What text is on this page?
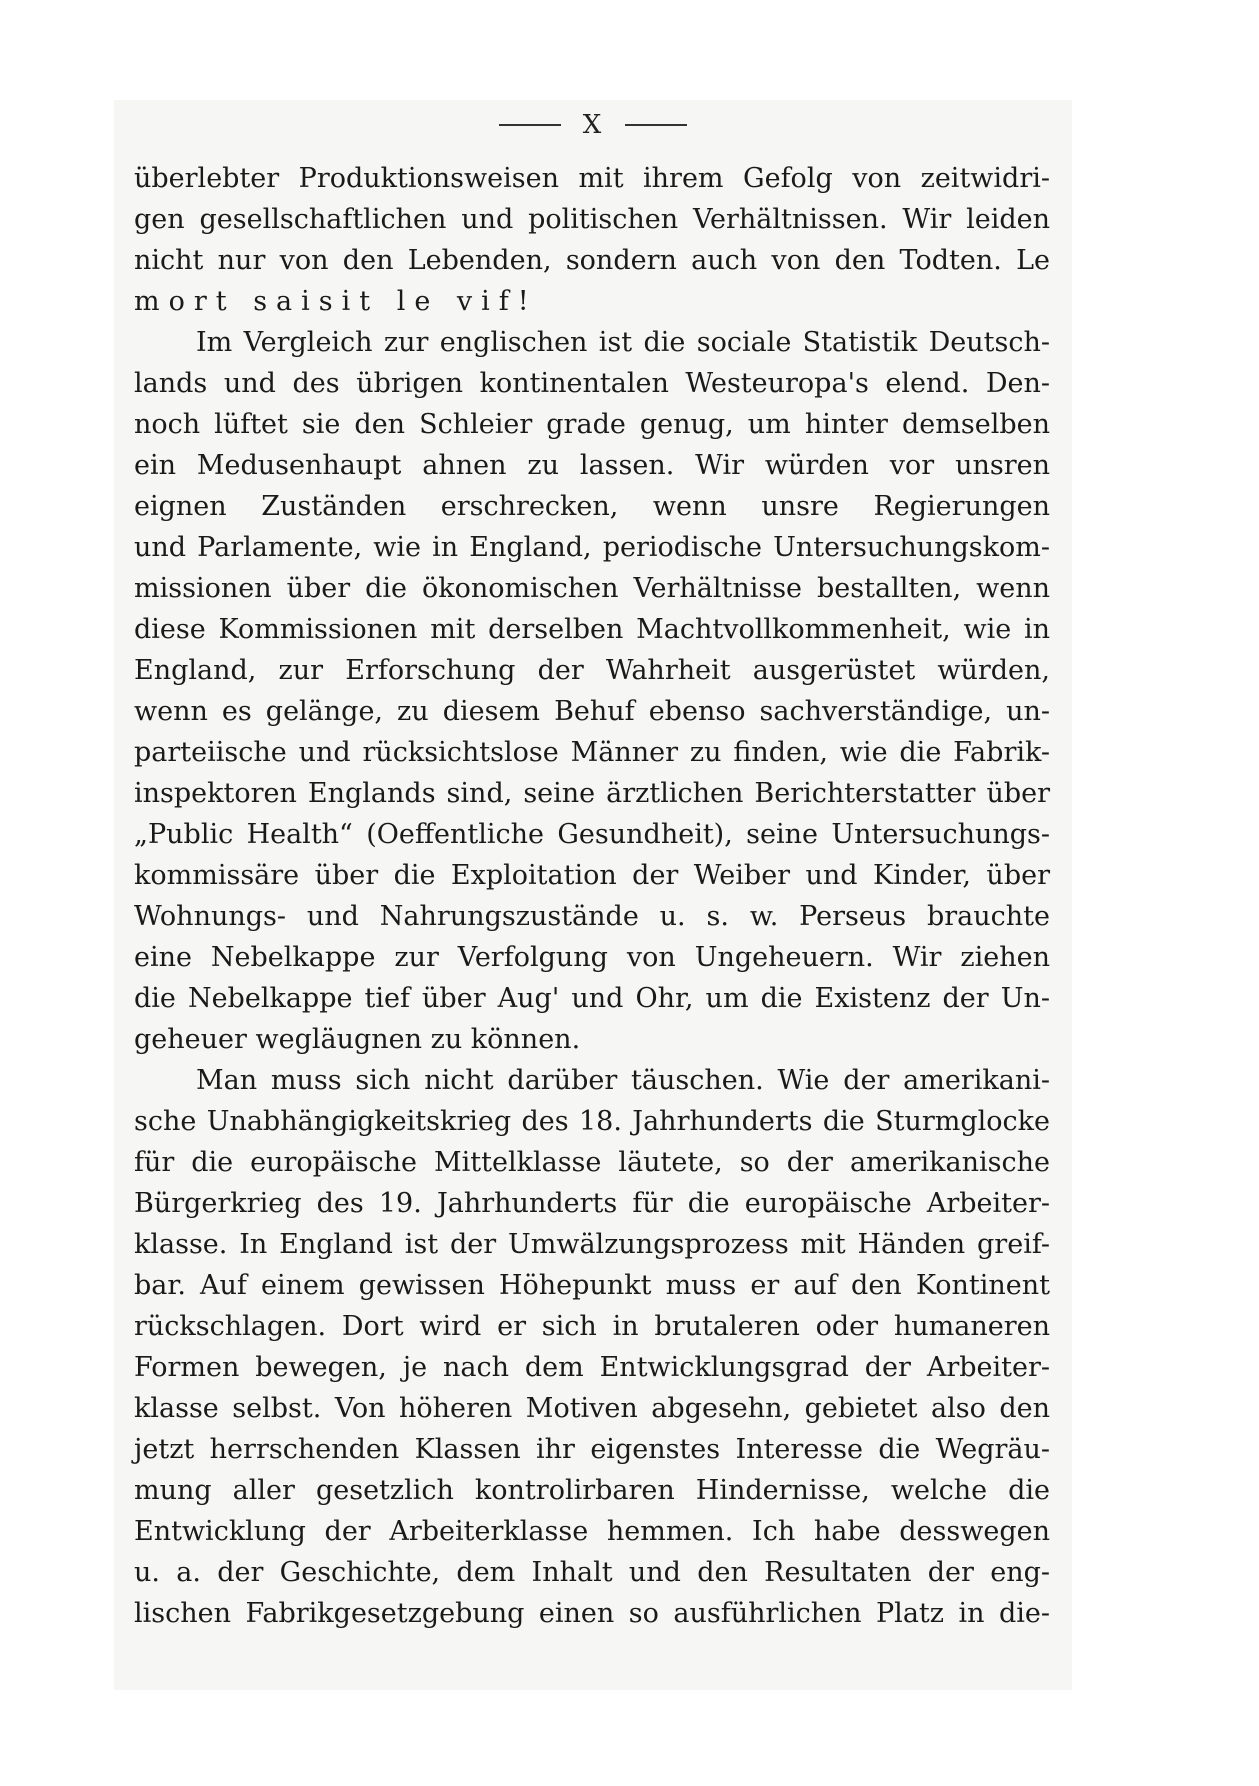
X
überlebter Produktionsweisen mit ihrem Gefolg von zeitwidri-
gen gesellschaftlichen und politischen Verhältnissen. Wir leiden
nicht nur von den Lebenden, sondern auch von den Todten. Le
mort saisit le vif!
Im Vergleich zur englischen ist die sociale Statistik Deutsch-
lands und des übrigen kontinentalen Westeuropa's elend. Den-
noch lüftet sie den Schleier grade genug, um hinter demselben
ein Medusenhaupt ahnen zu lassen. Wir würden vor unsren
eignen Zuständen erschrecken, wenn unsre Regierungen
und Parlamente, wie in England, periodische Untersuchungskom-
missionen über die ökonomischen Verhältnisse bestallten, wenn
diese Kommissionen mit derselben Machtvollkommenheit, wie in
England, zur Erforschung der Wahrheit ausgerüstet würden,
wenn es gelänge, zu diesem Behuf ebenso sachverständige, un-
parteiische und rücksichtslose Männer zu finden, wie die Fabrik-
inspektoren Englands sind, seine ärztlichen Berichterstatter über
„Public Health“ (Oeffentliche Gesundheit), seine Untersuchungs-
kommissäre über die Exploitation der Weiber und Kinder, über
Wohnungs- und Nahrungszustände u. s. w. Perseus brauchte
eine Nebelkappe zur Verfolgung von Ungeheuern. Wir ziehen
die Nebelkappe tief über Aug' und Ohr, um die Existenz der Un-
geheuer wegläugnen zu können.
Man muss sich nicht darüber täuschen. Wie der amerikani-
sche Unabhängigkeitskrieg des 18. Jahrhunderts die Sturmglocke
für die europäische Mittelklasse läutete, so der amerikanische
Bürgerkrieg des 19. Jahrhunderts für die europäische Arbeiter-
klasse. In England ist der Umwälzungsprozess mit Händen greif-
bar. Auf einem gewissen Höhepunkt muss er auf den Kontinent
rückschlagen. Dort wird er sich in brutaleren oder humaneren
Formen bewegen, je nach dem Entwicklungsgrad der Arbeiter-
klasse selbst. Von höheren Motiven abgesehn, gebietet also den
jetzt herrschenden Klassen ihr eigenstes Interesse die Wegräu-
mung aller gesetzlich kontrolirbaren Hindernisse, welche die
Entwicklung der Arbeiterklasse hemmen. Ich habe desswegen
u. a. der Geschichte, dem Inhalt und den Resultaten der eng-
lischen Fabrikgesetzgebung einen so ausführlichen Platz in die-
